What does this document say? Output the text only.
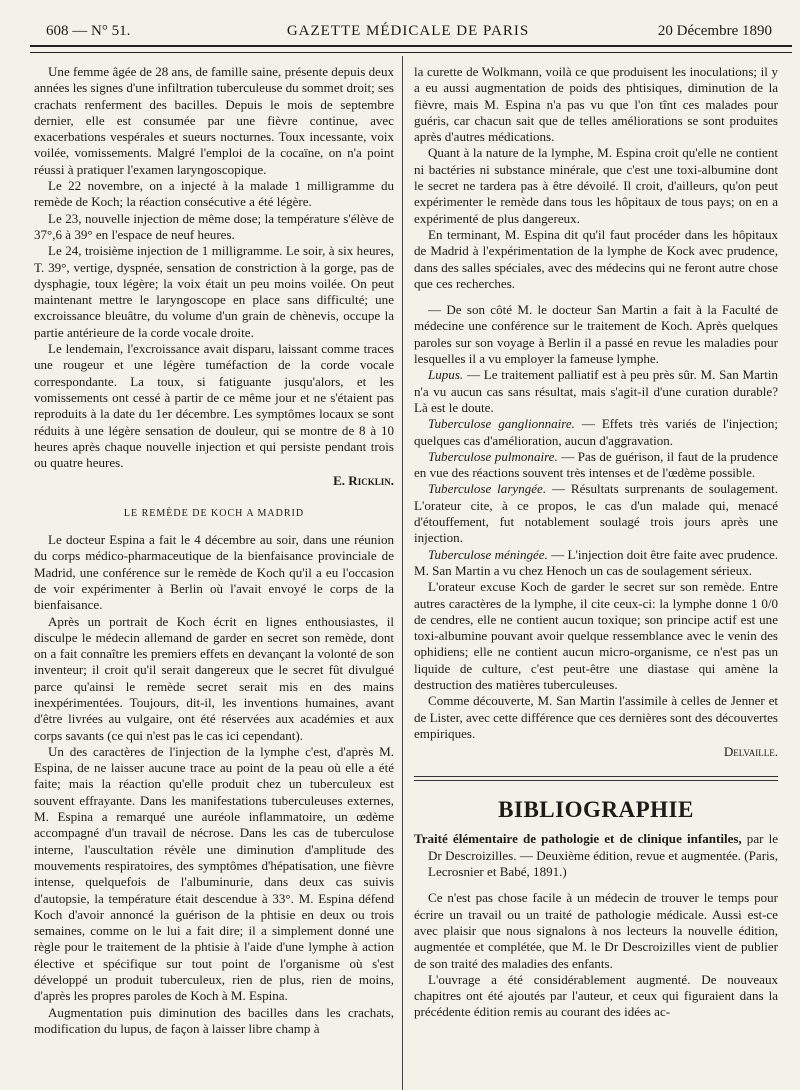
608 — N° 51.	GAZETTE MÉDICALE DE PARIS	20 Décembre 1890

Une femme âgée de 28 ans, de famille saine, présente depuis deux années les signes d'une infiltration tuberculeuse du sommet droit; ses crachats renferment des bacilles. Depuis le mois de septembre dernier, elle est consumée par une fièvre continue, avec exacerbations vespérales et sueurs nocturnes. Toux incessante, voix voilée, vomissements. Malgré l'emploi de la cocaïne, on n'a point réussi à pratiquer l'examen laryngoscopique.

Le 22 novembre, on a injecté à la malade 1 milligramme du remède de Koch; la réaction consécutive a été légère.

Le 23, nouvelle injection de même dose; la température s'élève de 37°,6 à 39° en l'espace de neuf heures.

Le 24, troisième injection de 1 milligramme. Le soir, à six heures, T. 39°, vertige, dyspnée, sensation de constriction à la gorge, pas de dysphagie, toux légère; la voix était un peu moins voilée. On peut maintenant mettre le laryngoscope en place sans difficulté; une excroissance bleuâtre, du volume d'un grain de chènevis, occupe la partie antérieure de la corde vocale droite.

Le lendemain, l'excroissance avait disparu, laissant comme traces une rougeur et une légère tuméfaction de la corde vocale correspondante. La toux, si fatiguante jusqu'alors, et les vomissements ont cessé à partir de ce même jour et ne s'étaient pas reproduits à la date du 1er décembre. Les symptômes locaux se sont réduits à une légère sensation de douleur, qui se montre de 8 à 10 heures après chaque nouvelle injection et qui persiste pendant trois ou quatre heures.

E. Ricklin.
LE REMÈDE DE KOCH A MADRID

Le docteur Espina a fait le 4 décembre au soir, dans une réunion du corps médico-pharmaceutique de la bienfaisance provinciale de Madrid, une conférence sur le remède de Koch qu'il a eu l'occasion de voir expérimenter à Berlin où l'avait envoyé le corps de la bienfaisance.

Après un portrait de Koch écrit en lignes enthousiastes, il disculpe le médecin allemand de garder en secret son remède, dont on a fait connaître les premiers effets en devançant la volonté de son inventeur; il croit qu'il serait dangereux que le secret fût divulgué parce qu'ainsi le remède secret serait mis en des mains inexpérimentées. Toujours, dit-il, les inventions humaines, avant d'être livrées au vulgaire, ont été réservées aux académies et aux corps savants (ce qui n'est pas le cas ici cependant).

Un des caractères de l'injection de la lymphe c'est, d'après M. Espina, de ne laisser aucune trace au point de la peau où elle a été faite; mais la réaction qu'elle produit chez un tuberculeux est souvent effrayante. Dans les manifestations tuberculeuses externes, M. Espina a remarqué une auréole inflammatoire, un œdème accompagné d'un travail de nécrose. Dans les cas de tuberculose interne, l'auscultation révèle une diminution d'amplitude des mouvements respiratoires, des symptômes d'hépatisation, une fièvre intense, quelquefois de l'albuminurie, dans deux cas suivis d'autopsie, la température était descendue à 33°. M. Espina défend Koch d'avoir annoncé la guérison de la phtisie en deux ou trois semaines, comme on le lui a fait dire; il a simplement donné une règle pour le traitement de la phtisie à l'aide d'une lymphe à action élective et spécifique sur tout point de l'organisme où s'est développé un produit tuberculeux, rien de plus, rien de moins, d'après les propres paroles de Koch à M. Espina.

Augmentation puis diminution des bacilles dans les crachats, modification du lupus, de façon à laisser libre champ à

la curette de Wolkmann, voilà ce que produisent les inoculations; il y a eu aussi augmentation de poids des phtisiques, diminution de la fièvre, mais M. Espina n'a pas vu que l'on tînt ces malades pour guéris, car chacun sait que de telles améliorations se sont produites après d'autres médications.

Quant à la nature de la lymphe, M. Espina croit qu'elle ne contient ni bactéries ni substance minérale, que c'est une toxi-albumine dont le secret ne tardera pas à être dévoilé. Il croit, d'ailleurs, qu'on peut expérimenter le remède dans tous les hôpitaux de tous pays; on en a expérimenté de plus dangereux.

En terminant, M. Espina dit qu'il faut procéder dans les hôpitaux de Madrid à l'expérimentation de la lymphe de Kock avec prudence, dans des salles spéciales, avec des médecins qui ne feront autre chose que ces recherches.

— De son côté M. le docteur San Martin a fait à la Faculté de médecine une conférence sur le traitement de Koch. Après quelques paroles sur son voyage à Berlin il a passé en revue les maladies pour lesquelles il a vu employer la fameuse lymphe.

Lupus. — Le traitement palliatif est à peu près sûr. M. San Martin n'a vu aucun cas sans résultat, mais s'agit-il d'une curation durable? Là est le doute.

Tuberculose ganglionnaire. — Effets très variés de l'injection; quelques cas d'amélioration, aucun d'aggravation.

Tuberculose pulmonaire. — Pas de guérison, il faut de la prudence en vue des réactions souvent très intenses et de l'œdème possible.

Tuberculose laryngée. — Résultats surprenants de soulagement. L'orateur cite, à ce propos, le cas d'un malade qui, menacé d'étouffement, fut notablement soulagé trois jours après une injection.

Tuberculose méningée. — L'injection doit être faite avec prudence. M. San Martin a vu chez Henoch un cas de soulagement sérieux.

L'orateur excuse Koch de garder le secret sur son remède. Entre autres caractères de la lymphe, il cite ceux-ci: la lymphe donne 1 0/0 de cendres, elle ne contient aucun toxique; son principe actif est une toxi-albumine pouvant avoir quelque ressemblance avec le venin des ophidiens; elle ne contient aucun micro-organisme, ce n'est pas un liquide de culture, c'est peut-être une diastase qui amène la destruction des matières tuberculeuses.

Comme découverte, M. San Martin l'assimile à celles de Jenner et de Lister, avec cette différence que ces dernières sont des découvertes empiriques.

Delvaille.
BIBLIOGRAPHIE

Traité élémentaire de pathologie et de clinique infantiles, par le Dr Descroizilles. — Deuxième édition, revue et augmentée. (Paris, Lecrosnier et Babé, 1891.)

Ce n'est pas chose facile à un médecin de trouver le temps pour écrire un travail ou un traité de pathologie médicale. Aussi est-ce avec plaisir que nous signalons à nos lecteurs la nouvelle édition, augmentée et complétée, que M. le Dr Descroizilles vient de publier de son traité des maladies des enfants.

L'ouvrage a été considérablement augmenté. De nouveaux chapitres ont été ajoutés par l'auteur, et ceux qui figuraient dans la précédente édition remis au courant des idées ac-
